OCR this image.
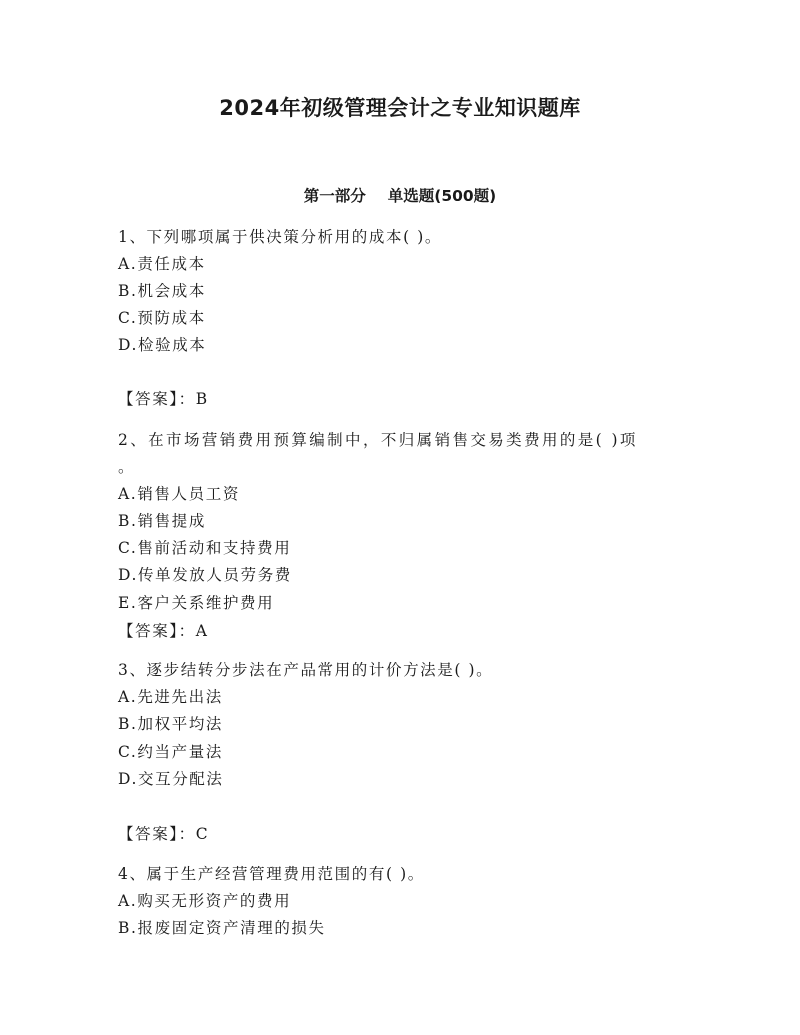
2024年初级管理会计之专业知识题库
第一部分 单选题(500题)
1、下列哪项属于供决策分析用的成本( )。
A.责任成本
B.机会成本
C.预防成本
D.检验成本
【答案】：B
2、在市场营销费用预算编制中，不归属销售交易类费用的是( )项
。
A.销售人员工资
B.销售提成
C.售前活动和支持费用
D.传单发放人员劳务费
E.客户关系维护费用
【答案】：A
3、逐步结转分步法在产品常用的计价方法是( )。
A.先进先出法
B.加权平均法
C.约当产量法
D.交互分配法
【答案】：C
4、属于生产经营管理费用范围的有( )。
A.购买无形资产的费用
B.报废固定资产清理的损失
